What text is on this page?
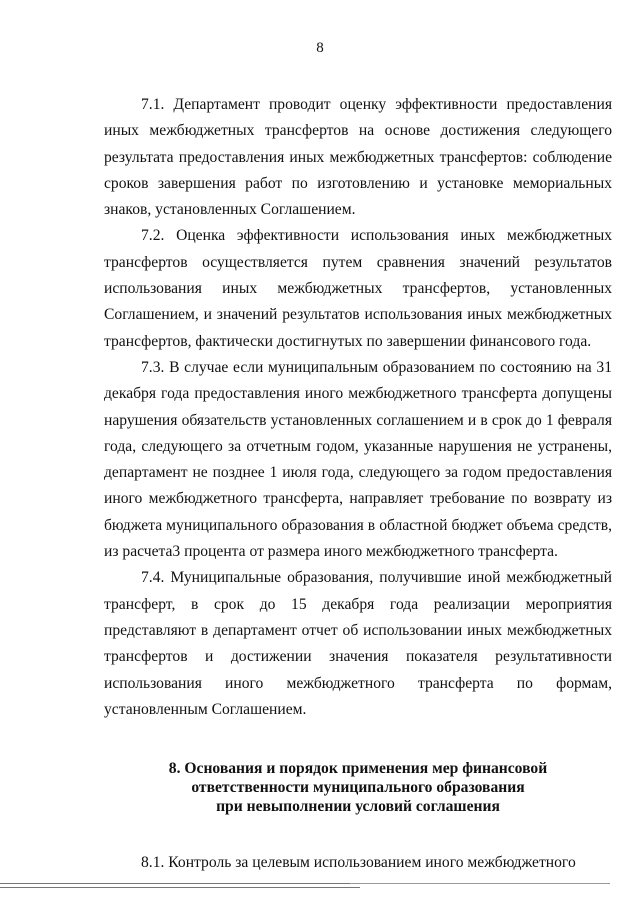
8

7.1. Департамент проводит оценку эффективности предоставления иных межбюджетных трансфертов на основе достижения следующего результата предоставления иных межбюджетных трансфертов: соблюдение сроков завершения работ по изготовлению и установке мемориальных знаков, установленных Соглашением.

7.2. Оценка эффективности использования иных межбюджетных трансфертов осуществляется путем сравнения значений результатов использования иных межбюджетных трансфертов, установленных Соглашением, и значений результатов использования иных межбюджетных трансфертов, фактически достигнутых по завершении финансового года.

7.3. В случае если муниципальным образованием по состоянию на 31 декабря года предоставления иного межбюджетного трансферта допущены нарушения обязательств установленных соглашением и в срок до 1 февраля года, следующего за отчетным годом, указанные нарушения не устранены, департамент не позднее 1 июля года, следующего за годом предоставления иного межбюджетного трансферта, направляет требование по возврату из бюджета муниципального образования в областной бюджет объема средств, из расчета3 процента от размера иного межбюджетного трансферта.

7.4. Муниципальные образования, получившие иной межбюджетный трансферт, в срок до 15 декабря года реализации мероприятия представляют в департамент отчет об использовании иных межбюджетных трансфертов и достижении значения показателя результативности использования иного межбюджетного трансферта по формам, установленным Соглашением.

8. Основания и порядок применения мер финансовой
ответственности муниципального образования
при невыполнении условий соглашения

8.1. Контроль за целевым использованием иного межбюджетного
